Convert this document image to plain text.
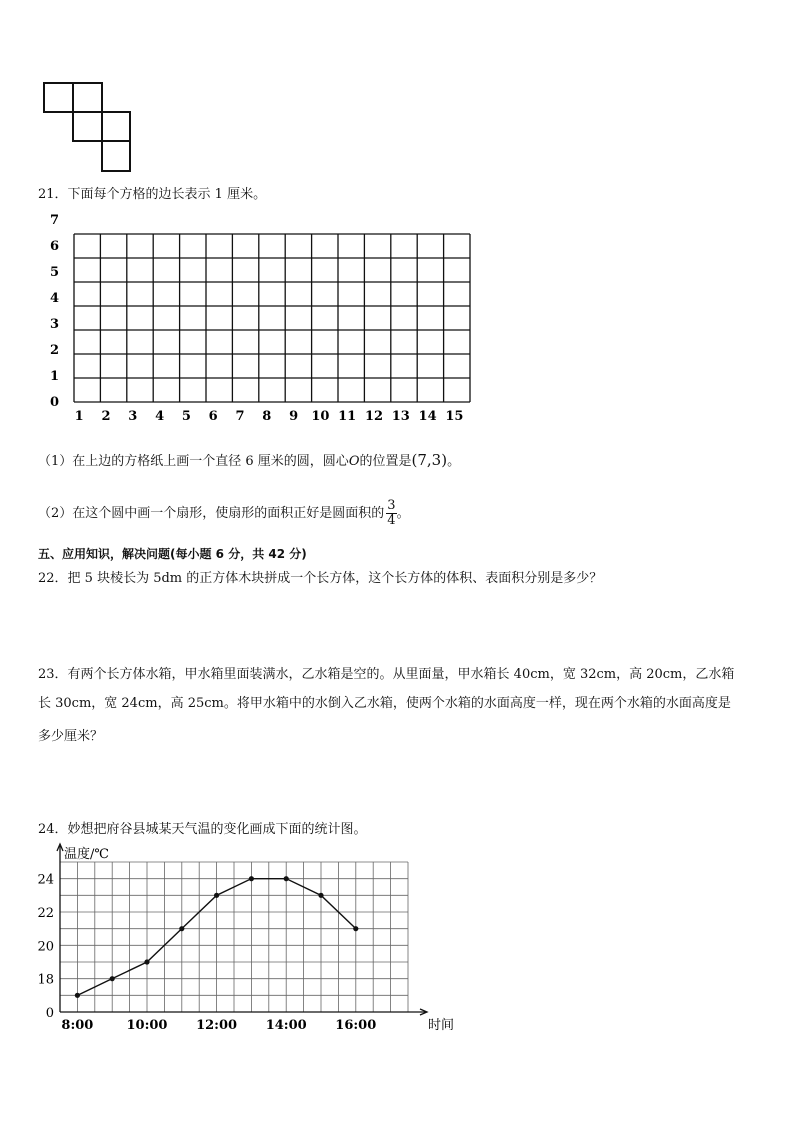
21．下面每个方格的边长表示 1 厘米。
0
1
2
3
4
5
6
7
1 2 3 4 5 6 7 8 9 10 11 12 13 14 15
（1）在上边的方格纸上画一个直径 6 厘米的圆，圆心O的位置是(7,3)。
（2）在这个圆中画一个扇形，使扇形的面积正好是圆面积的 $\frac{3}{4}$ 。
五、应用知识，解决问题(每小题 6 分，共 42 分)
22．把 5 块棱长为 5dm 的正方体木块拼成一个长方体，这个长方体的体积、表面积分别是多少？
23．有两个长方体水箱，甲水箱里面装满水，乙水箱是空的。从里面量，甲水箱长 40cm，宽 32cm，高 20cm，乙水箱
长 30cm，宽 24cm，高 25cm。将甲水箱中的水倒入乙水箱，使两个水箱的水面高度一样，现在两个水箱的水面高度是
多少厘米？
24．妙想把府谷县城某天气温的变化画成下面的统计图。
0
18
20
22
24
8:00	10:00 12:00 14:00 16:00
温度/℃
时间
